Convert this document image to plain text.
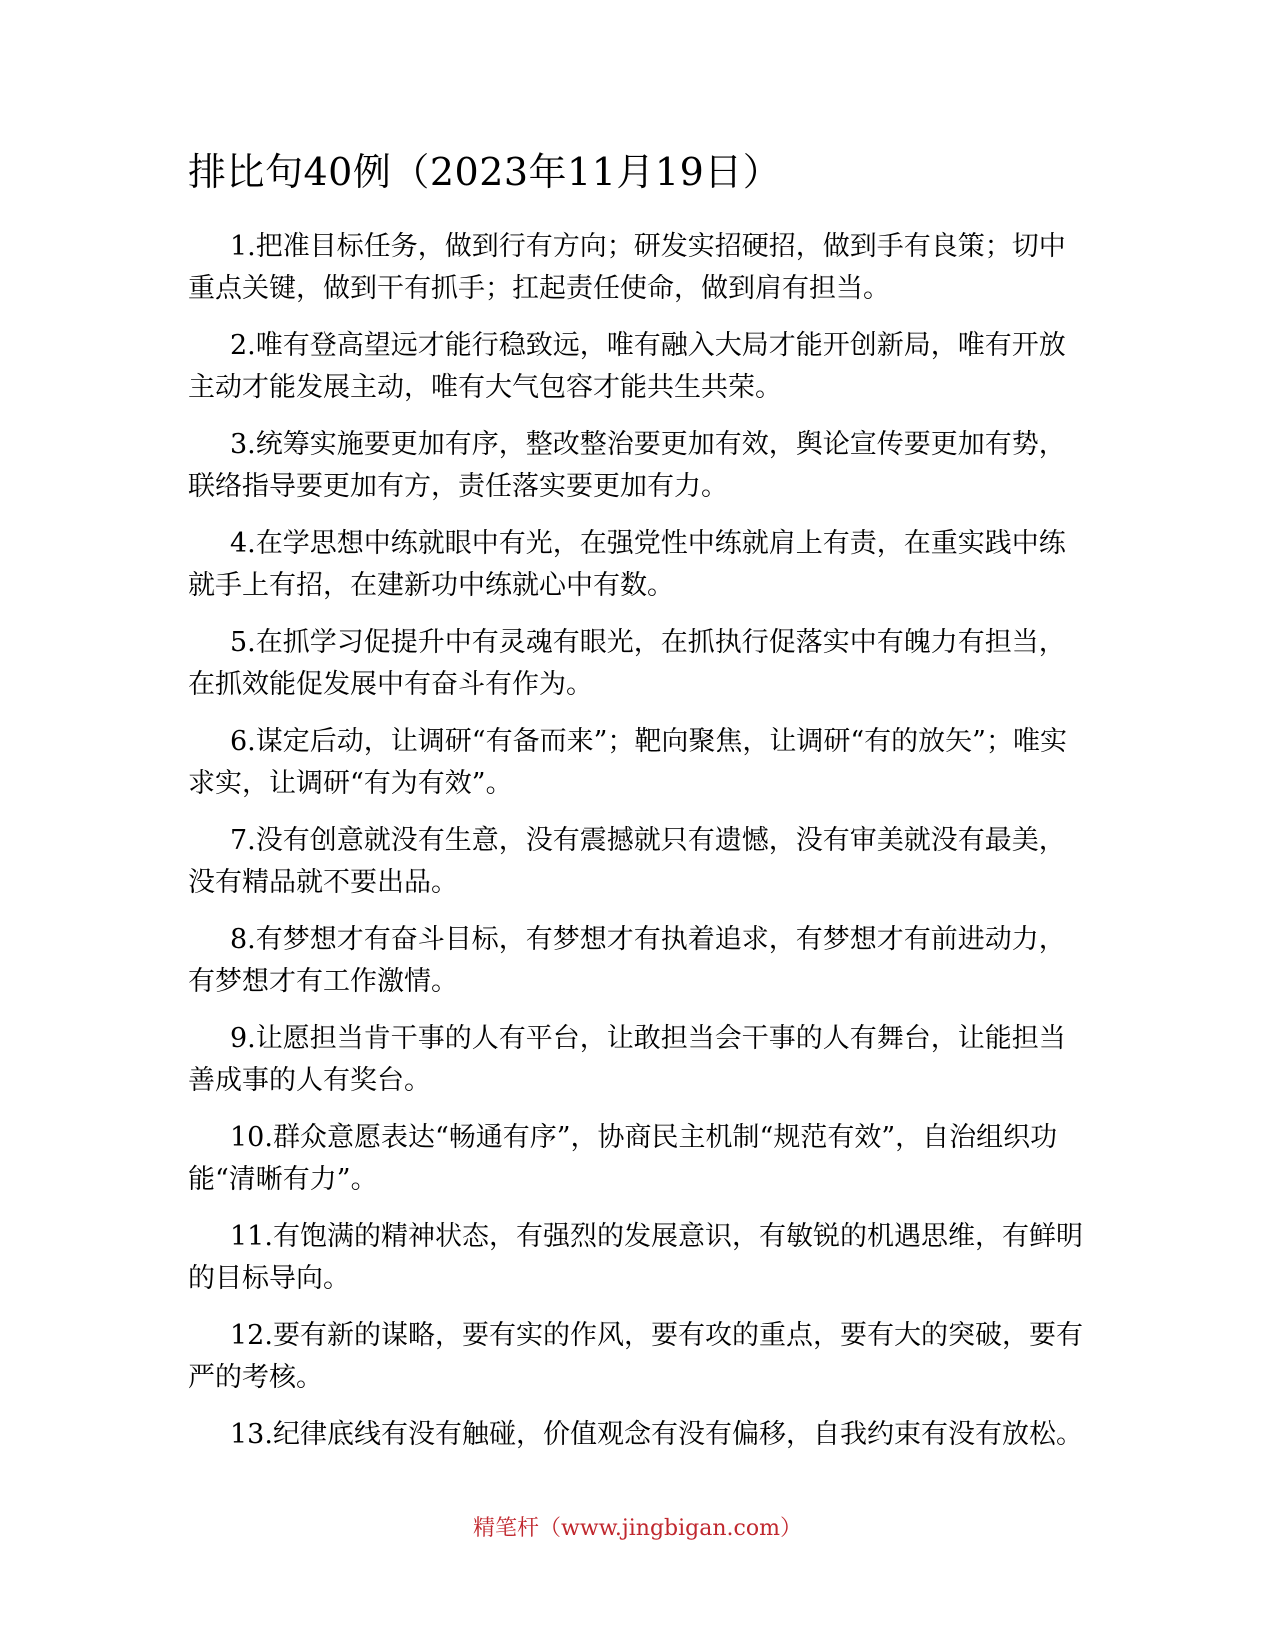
排比句40例（2023年11月19日）

1.把准目标任务，做到行有方向；研发实招硬招，做到手有良策；切中重点关键，做到干有抓手；扛起责任使命，做到肩有担当。

2.唯有登高望远才能行稳致远，唯有融入大局才能开创新局，唯有开放主动才能发展主动，唯有大气包容才能共生共荣。

3.统筹实施要更加有序，整改整治要更加有效，舆论宣传要更加有势，联络指导要更加有方，责任落实要更加有力。

4.在学思想中练就眼中有光，在强党性中练就肩上有责，在重实践中练就手上有招，在建新功中练就心中有数。

5.在抓学习促提升中有灵魂有眼光，在抓执行促落实中有魄力有担当，在抓效能促发展中有奋斗有作为。

6.谋定后动，让调研“有备而来”；靶向聚焦，让调研“有的放矢”；唯实求实，让调研“有为有效”。

7.没有创意就没有生意，没有震撼就只有遗憾，没有审美就没有最美，没有精品就不要出品。

8.有梦想才有奋斗目标，有梦想才有执着追求，有梦想才有前进动力，有梦想才有工作激情。

9.让愿担当肯干事的人有平台，让敢担当会干事的人有舞台，让能担当善成事的人有奖台。

10.群众意愿表达“畅通有序”，协商民主机制“规范有效”，自治组织功能“清晰有力”。

11.有饱满的精神状态，有强烈的发展意识，有敏锐的机遇思维，有鲜明的目标导向。

12.要有新的谋略，要有实的作风，要有攻的重点，要有大的突破，要有严的考核。

13.纪律底线有没有触碰，价值观念有没有偏移，自我约束有没有放松。

精笔杆（www.jingbigan.com）
